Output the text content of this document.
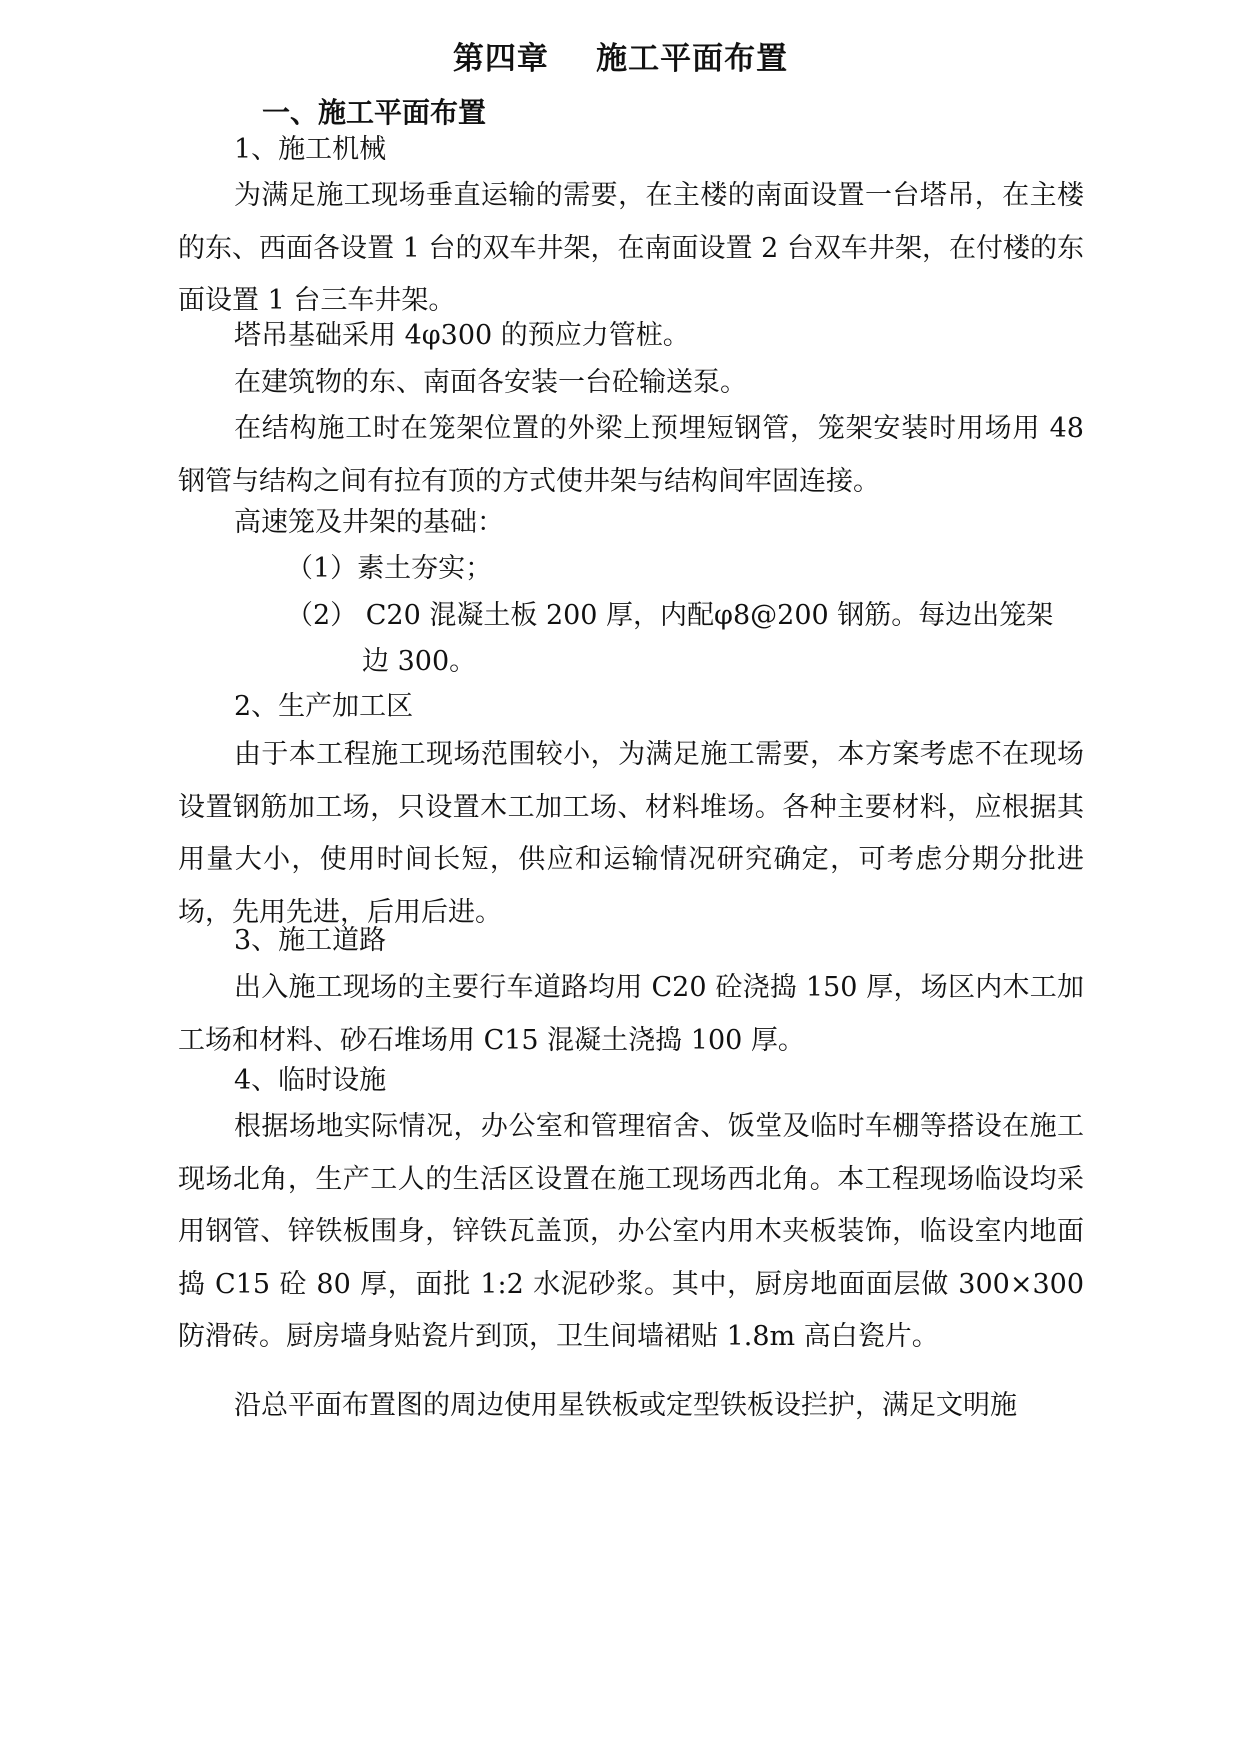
第四章    施工平面布置
一、施工平面布置

1、施工机械

为满足施工现场垂直运输的需要，在主楼的南面设置一台塔吊，在主楼的东、西面各设置 1 台的双车井架，在南面设置 2 台双车井架，在付楼的东面设置 1 台三车井架。

塔吊基础采用 4φ300 的预应力管桩。

在建筑物的东、南面各安装一台砼输送泵。

在结构施工时在笼架位置的外梁上预埋短钢管，笼架安装时用场用 48 钢管与结构之间有拉有顶的方式使井架与结构间牢固连接。

高速笼及井架的基础：

（1）素土夯实；

（2） C20 混凝土板 200 厚，内配φ8@200 钢筋。每边出笼架

边 300。

2、生产加工区

由于本工程施工现场范围较小，为满足施工需要，本方案考虑不在现场设置钢筋加工场，只设置木工加工场、材料堆场。各种主要材料，应根据其用量大小，使用时间长短，供应和运输情况研究确定，可考虑分期分批进场，先用先进，后用后进。

3、施工道路

出入施工现场的主要行车道路均用 C20 砼浇捣 150 厚，场区内木工加工场和材料、砂石堆场用 C15 混凝土浇捣 100 厚。

4、临时设施

根据场地实际情况，办公室和管理宿舍、饭堂及临时车棚等搭设在施工现场北角，生产工人的生活区设置在施工现场西北角。本工程现场临设均采用钢管、锌铁板围身，锌铁瓦盖顶，办公室内用木夹板装饰，临设室内地面捣 C15 砼 80 厚，面批 1:2 水泥砂浆。其中，厨房地面面层做 300×300 防滑砖。厨房墙身贴瓷片到顶，卫生间墙裙贴 1.8m 高白瓷片。

沿总平面布置图的周边使用星铁板或定型铁板设拦护，满足文明施
